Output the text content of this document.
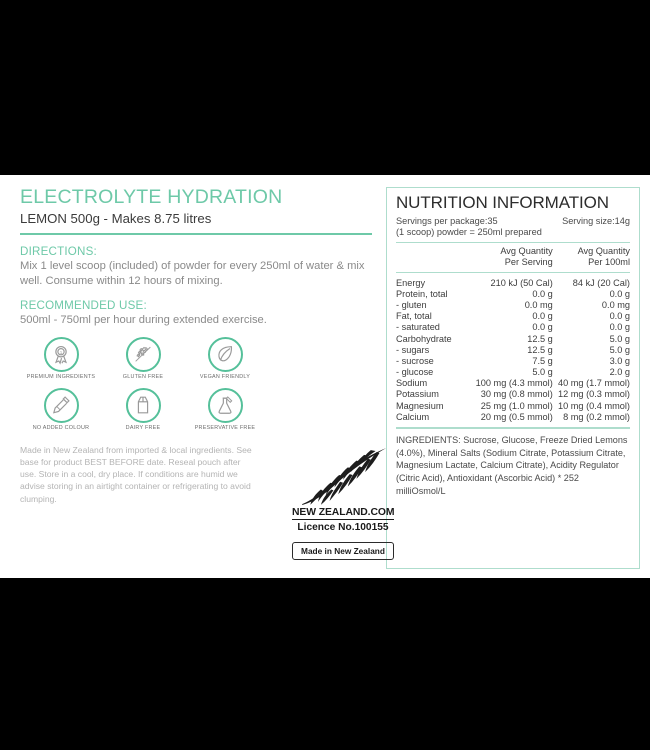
ELECTROLYTE HYDRATION
LEMON 500g - Makes 8.75 litres
DIRECTIONS:
Mix 1 level scoop (included) of powder for every 250ml of water & mix well. Consume within 12 hours of mixing.
RECOMMENDED USE:
500ml - 750ml per hour during extended exercise.
1
PREMIUM INGREDIENTS	GLUTEN FREE	VEGAN FRIENDLY
NO ADDED COLOUR	DAIRY FREE	PRESERVATIVE FREE
Made in New Zealand from imported & local ingredients. See base for product BEST BEFORE date. Reseal pouch after use. Store in a cool, dry place. If conditions are humid we advise storing in an airtight container or refrigerating to avoid clumping.
NEW ZEALAND.COM
Licence No.100155
Made in New Zealand
NUTRITION INFORMATION
Servings per package:35	Serving size:14g
(1 scoop) powder = 250ml prepared

Avg Quantity
Per Serving

Avg Quantity
Per 100ml
Energy	210 kJ (50 Cal)	84 kJ (20 Cal)
Protein, total	0.0 g	0.0 g
- gluten	0.0 mg	0.0 mg
Fat, total	0.0 g	0.0 g
- saturated	0.0 g	0.0 g
Carbohydrate	12.5 g	5.0 g
- sugars	12.5 g	5.0 g
- sucrose	7.5 g	3.0 g
- glucose	5.0 g	2.0 g
Sodium	100 mg (4.3 mmol)	40 mg (1.7 mmol)
Potassium	30 mg (0.8 mmol)	12 mg (0.3 mmol)
Magnesium	25 mg (1.0 mmol)	10 mg (0.4 mmol)
Calcium	20 mg (0.5 mmol)	8 mg (0.2 mmol)
INGREDIENTS: Sucrose, Glucose, Freeze Dried Lemons (4.0%), Mineral Salts (Sodium Citrate, Potassium Citrate, Magnesium Lactate, Calcium Citrate), Acidity Regulator (Citric Acid), Antioxidant (Ascorbic Acid) * 252 milliOsmol/L
